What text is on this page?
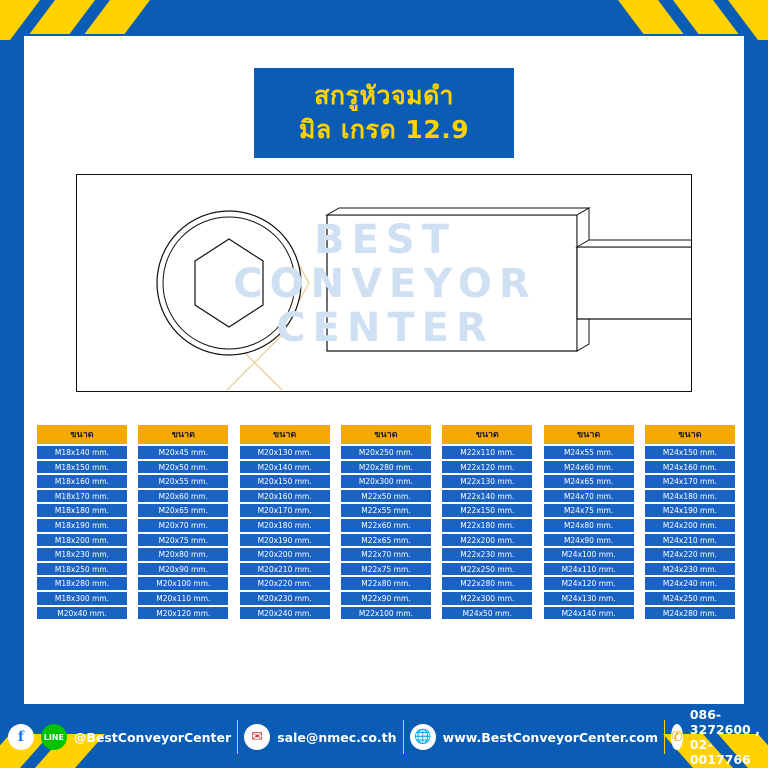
สกรูหัวจมดำ
มิล เกรด 12.9
BEST
CONVEYOR
CENTER
ขนาด
M18x140 mm.
M18x150 mm.
M18x160 mm.
M18x170 mm.
M18x180 mm.
M18x190 mm.
M18x200 mm.
M18x230 mm.
M18x250 mm.
M18x280 mm.
M18x300 mm.
M20x40 mm.
ขนาด
M20x45 mm.
M20x50 mm.
M20x55 mm.
M20x60 mm.
M20x65 mm.
M20x70 mm.
M20x75 mm.
M20x80 mm.
M20x90 mm.
M20x100 mm.
M20x110 mm.
M20x120 mm.
ขนาด
M20x130 mm.
M20x140 mm.
M20x150 mm.
M20x160 mm.
M20x170 mm.
M20x180 mm.
M20x190 mm.
M20x200 mm.
M20x210 mm.
M20x220 mm.
M20x230 mm.
M20x240 mm.
ขนาด
M20x250 mm.
M20x280 mm.
M20x300 mm.
M22x50 mm.
M22x55 mm.
M22x60 mm.
M22x65 mm.
M22x70 mm.
M22x75 mm.
M22x80 mm.
M22x90 mm.
M22x100 mm.
ขนาด
M22x110 mm.
M22x120 mm.
M22x130 mm.
M22x140 mm.
M22x150 mm.
M22x180 mm.
M22x200 mm.
M22x230 mm.
M22x250 mm.
M22x280 mm.
M22x300 mm.
M24x50 mm.
ขนาด
M24x55 mm.
M24x60 mm.
M24x65 mm.
M24x70 mm.
M24x75 mm.
M24x80 mm.
M24x90 mm.
M24x100 mm.
M24x110 mm.
M24x120 mm.
M24x130 mm.
M24x140 mm.
ขนาด
M24x150 mm.
M24x160 mm.
M24x170 mm.
M24x180 mm.
M24x190 mm.
M24x200 mm.
M24x210 mm.
M24x220 mm.
M24x230 mm.
M24x240 mm.
M24x250 mm.
M24x280 mm.
f	LINE @BestConveyorCenter	✉	sale@nmec.co.th	🌐 www.BestConveyorCenter.com ✆
086-3272600 , 02-0017766
